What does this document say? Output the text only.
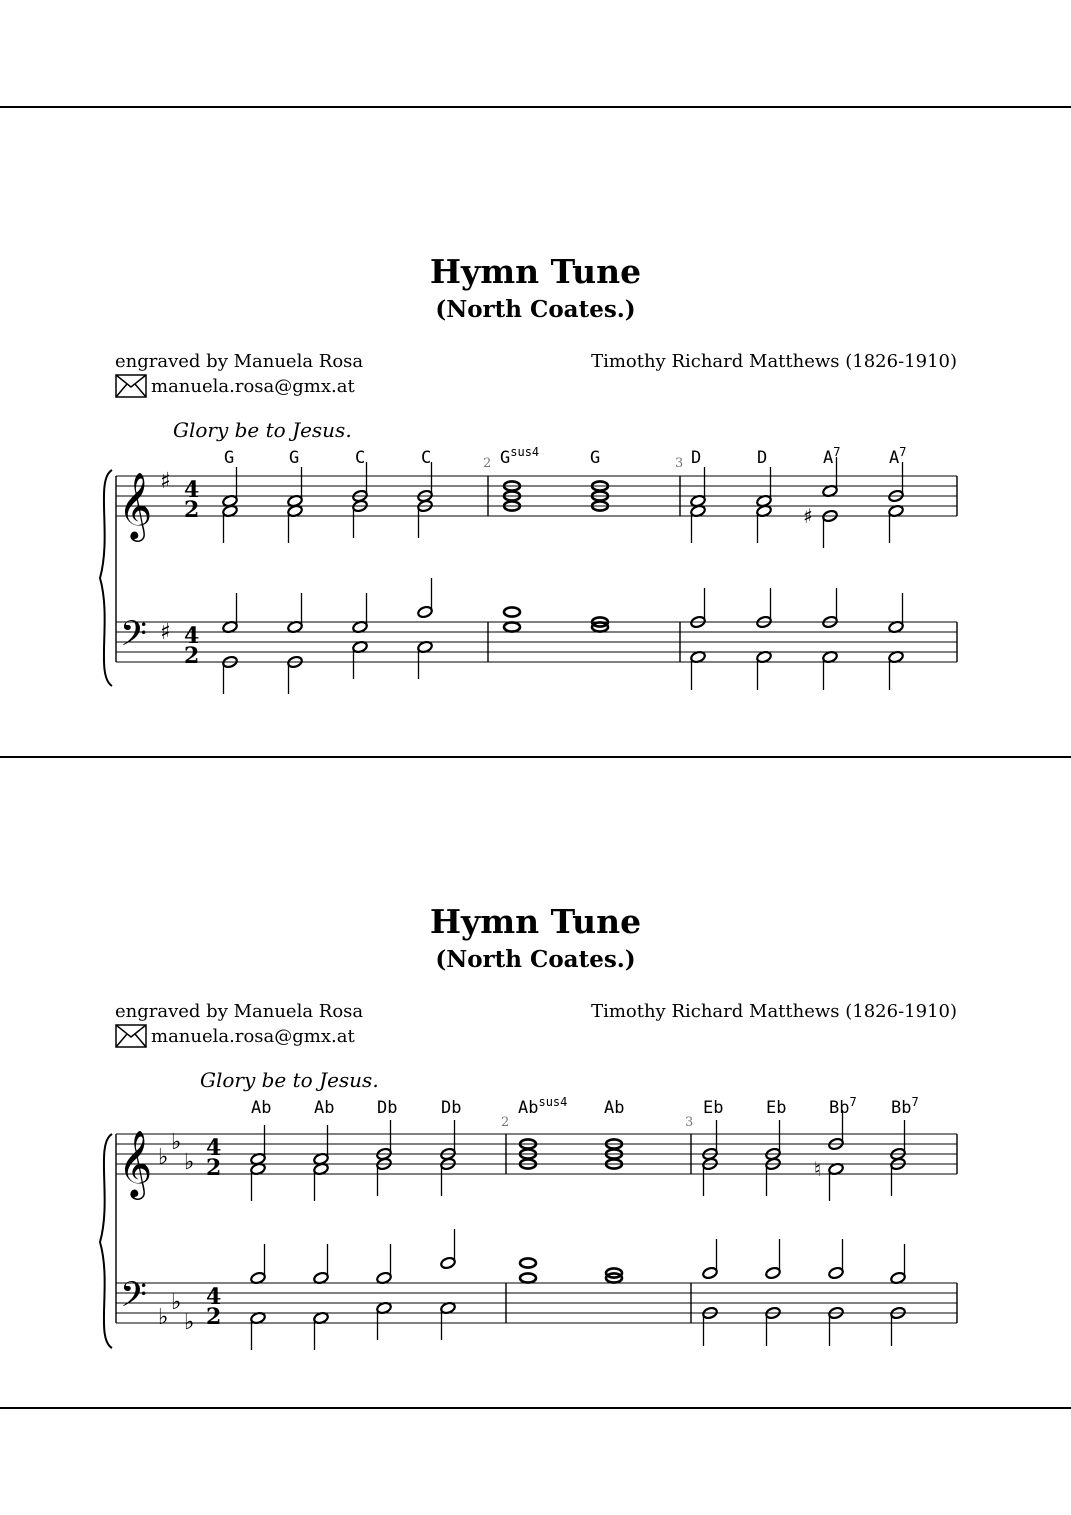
Hymn Tune
(North Coates.)
engraved by Manuela Rosa
manuela.rosa@gmx.at
Timothy Richard Matthews (1826-1910)
Glory be to Jesus.
G	G	C	C	$G^{sus4}$	G	D	D	$A^7$	$A^7$
2	3
𝄞
𝄢
♯
♯
4
2
4
2
♯
Hymn Tune
(North Coates.)
engraved by Manuela Rosa
manuela.rosa@gmx.at
Timothy Richard Matthews (1826-1910)
Glory be to Jesus.
Ab	Ab	Db	Db	$Ab^{sus4}$ Ab	Eb	Eb	Bb$^7$ Bb$^7$
2	3
𝄞
𝄢
♭
♭
♭
♭
♭
♭
4
2
4
2
♮
